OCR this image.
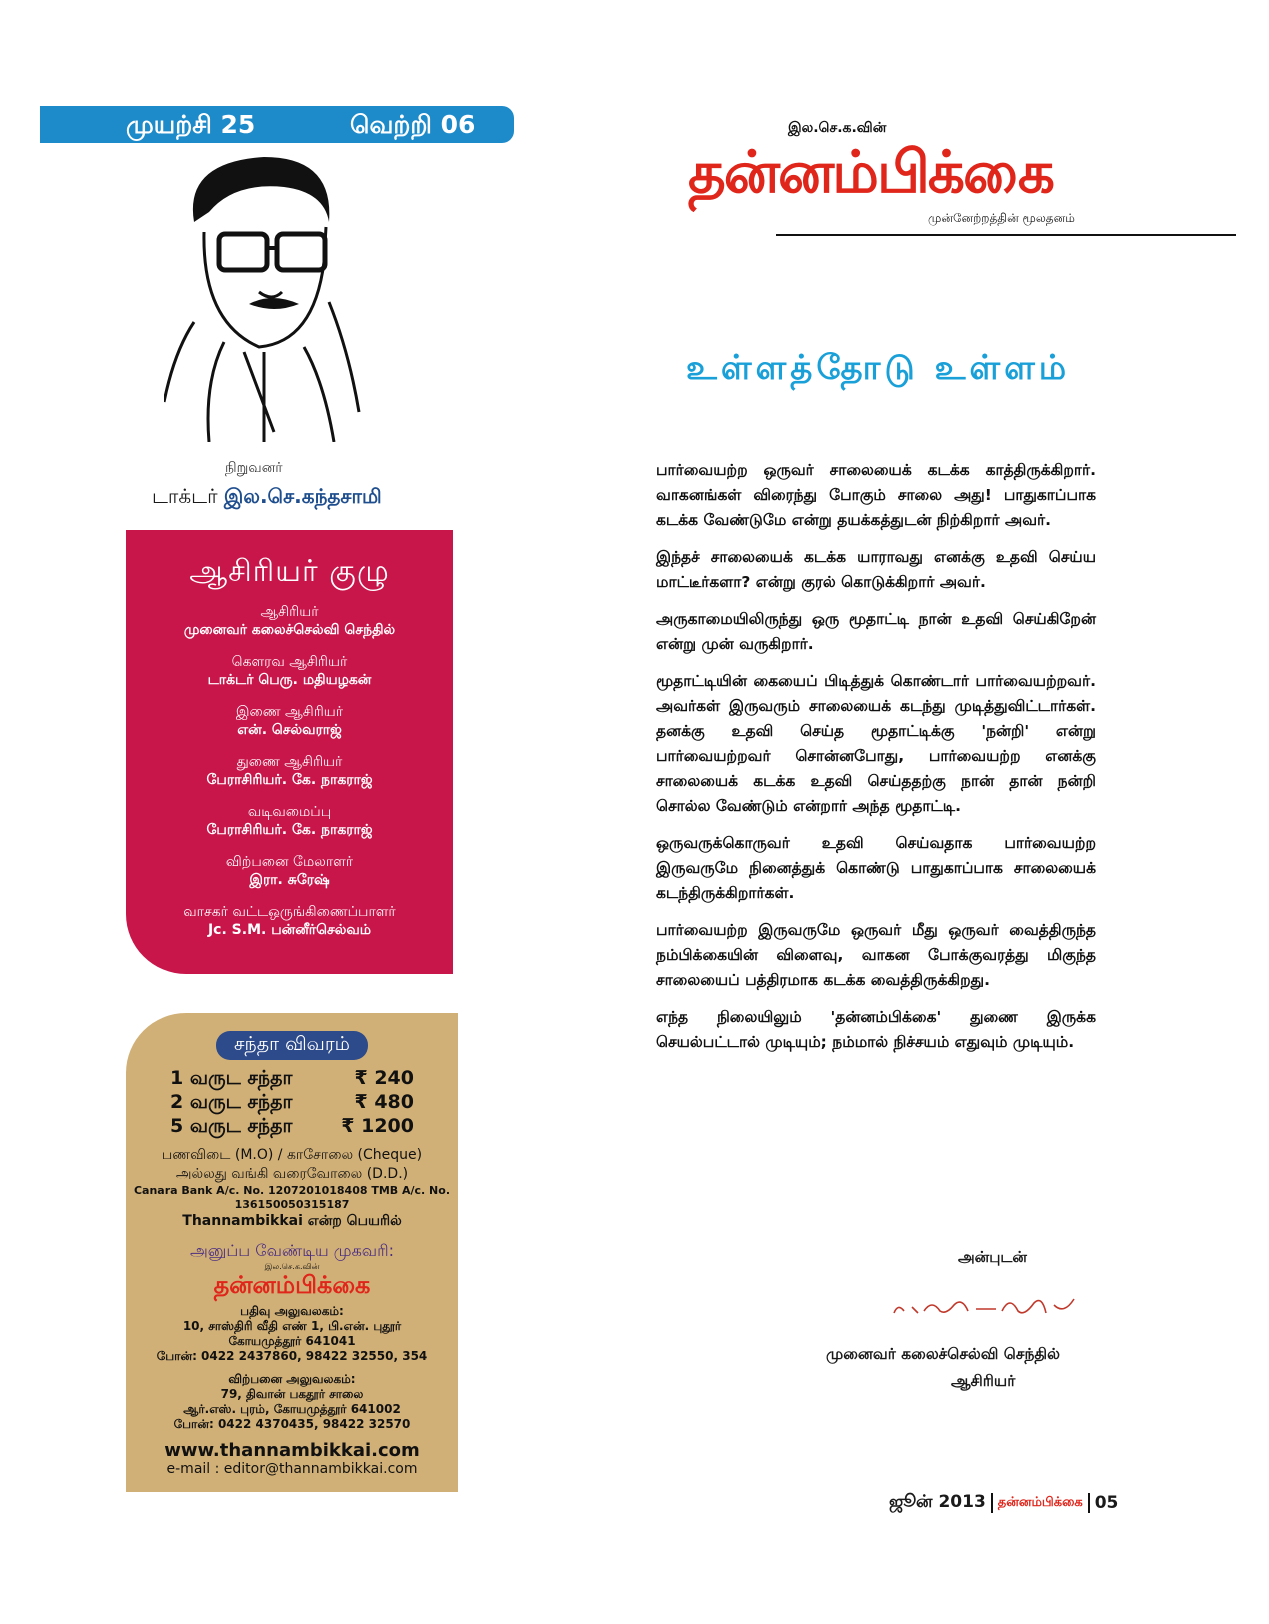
முயற்சி 25	வெற்றி 06
நிறுவனர்
டாக்டர் இல.செ.கந்தசாமி
ஆசிரியர் குழு
ஆசிரியர்
முனைவர் கலைச்செல்வி செந்தில்
கௌரவ ஆசிரியர்
டாக்டர் பெரு. மதியழகன்
இணை ஆசிரியர்
என். செல்வராஜ்
துணை ஆசிரியர்
பேராசிரியர். கே. நாகராஜ்
வடிவமைப்பு
பேராசிரியர். கே. நாகராஜ்
விற்பனை மேலாளர்
இரா. சுரேஷ்
வாசகர் வட்டஒருங்கிணைப்பாளர்
Jc. S.M. பன்னீர்செல்வம்
சந்தா விவரம்
1 வருட சந்தா	₹ 240
2 வருட சந்தா	₹ 480
5 வருட சந்தா	₹ 1200
பணவிடை (M.O) / காசோலை (Cheque)
அல்லது வங்கி வரைவோலை (D.D.)
Canara Bank A/c. No. 1207201018408 TMB A/c. No. 136150050315187
Thannambikkai என்ற பெயரில்
அனுப்ப வேண்டிய முகவரி:
இல.செ.க.வின்
தன்னம்பிக்கை
பதிவு அலுவலகம்:
10, சாஸ்திரி வீதி எண் 1, பி.என். புதூர்
கோயமுத்தூர் 641041
போன்: 0422 2437860, 98422 32550, 354
விற்பனை அலுவலகம்:
79, திவான் பகதூர் சாலை
ஆர்.எஸ். புரம், கோயமுத்தூர் 641002
போன்: 0422 4370435, 98422 32570
www.thannambikkai.com
e-mail : editor@thannambikkai.com
இல.செ.க.வின்
தன்னம்பிக்கை
முன்னேற்றத்தின் மூலதனம்
உள்ளத்தோடு உள்ளம்

பார்வையற்ற ஒருவர் சாலையைக் கடக்க காத்திருக்கிறார். வாகனங்கள் விரைந்து போகும் சாலை அது! பாதுகாப்பாக கடக்க வேண்டுமே என்று தயக்கத்துடன் நிற்கிறார் அவர்.

இந்தச் சாலையைக் கடக்க யாராவது எனக்கு உதவி செய்ய மாட்டீர்களா? என்று குரல் கொடுக்கிறார் அவர்.

அருகாமையிலிருந்து ஒரு மூதாட்டி நான் உதவி செய்கிறேன் என்று முன் வருகிறார்.

மூதாட்டியின் கையைப் பிடித்துக் கொண்டார் பார்வையற்றவர். அவர்கள் இருவரும் சாலையைக் கடந்து முடித்துவிட்டார்கள். தனக்கு உதவி செய்த மூதாட்டிக்கு 'நன்றி' என்று பார்வையற்றவர் சொன்னபோது, பார்வையற்ற எனக்கு சாலையைக் கடக்க உதவி செய்ததற்கு நான் தான் நன்றி சொல்ல வேண்டும் என்றார் அந்த மூதாட்டி.

ஒருவருக்கொருவர் உதவி செய்வதாக பார்வையற்ற இருவருமே நினைத்துக் கொண்டு பாதுகாப்பாக சாலையைக் கடந்திருக்கிறார்கள்.

பார்வையற்ற இருவருமே ஒருவர் மீது ஒருவர் வைத்திருந்த நம்பிக்கையின் விளைவு, வாகன போக்குவரத்து மிகுந்த சாலையைப் பத்திரமாக கடக்க வைத்திருக்கிறது.

எந்த நிலையிலும் 'தன்னம்பிக்கை' துணை இருக்க செயல்பட்டால் முடியும்; நம்மால் நிச்சயம் எதுவும் முடியும்.

அன்புடன்
முனைவர் கலைச்செல்வி செந்தில்
ஆசிரியர்
ஜூன் 2013 தன்னம்பிக்கை 05
